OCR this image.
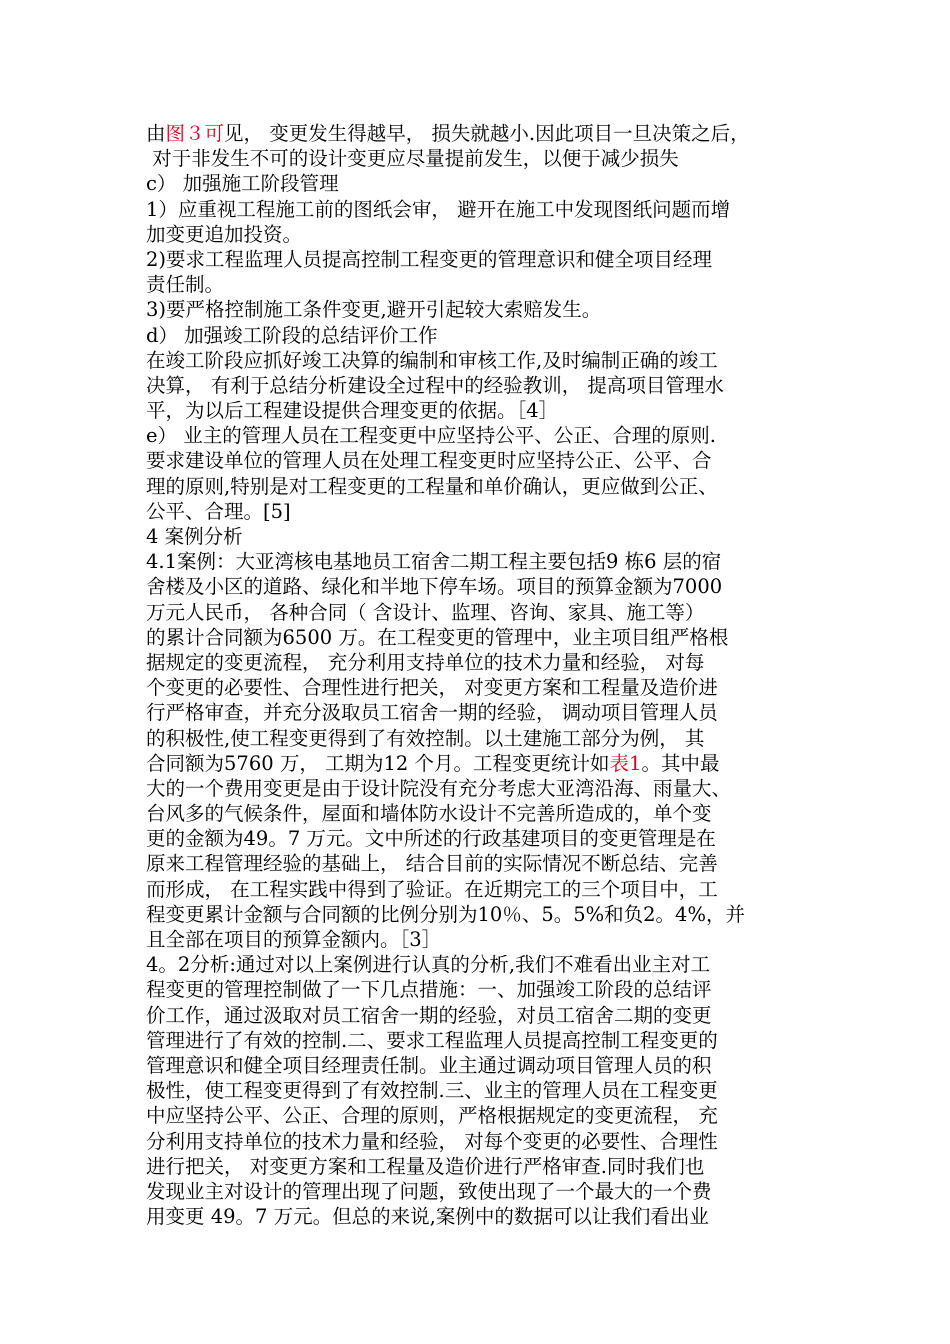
由图３可见， 变更发生得越早， 损失就越小.因此项目一旦决策之后，
对于非发生不可的设计变更应尽量提前发生，以便于减少损失
c） 加强施工阶段管理
1）应重视工程施工前的图纸会审， 避开在施工中发现图纸问题而增
加变更追加投资。
2)要求工程监理人员提高控制工程变更的管理意识和健全项目经理
责任制。
3)要严格控制施工条件变更,避开引起较大索赔发生。
d） 加强竣工阶段的总结评价工作
在竣工阶段应抓好竣工决算的编制和审核工作,及时编制正确的竣工
决算， 有利于总结分析建设全过程中的经验教训， 提高项目管理水
平，为以后工程建设提供合理变更的依据。［4］
e） 业主的管理人员在工程变更中应坚持公平、公正、合理的原则.
要求建设单位的管理人员在处理工程变更时应坚持公正、公平、合
理的原则,特别是对工程变更的工程量和单价确认，更应做到公正、
公平、合理。[5]
4 案例分析
4.1案例：大亚湾核电基地员工宿舍二期工程主要包括9 栋6 层的宿
舍楼及小区的道路、绿化和半地下停车场。项目的预算金额为7000
万元人民币， 各种合同（ 含设计、监理、咨询、家具、施工等）
的累计合同额为6500 万。在工程变更的管理中，业主项目组严格根
据规定的变更流程， 充分利用支持单位的技术力量和经验， 对每
个变更的必要性、合理性进行把关， 对变更方案和工程量及造价进
行严格审查，并充分汲取员工宿舍一期的经验， 调动项目管理人员
的积极性,使工程变更得到了有效控制。以土建施工部分为例， 其
合同额为5760 万， 工期为12 个月。工程变更统计如表1。其中最
大的一个费用变更是由于设计院没有充分考虑大亚湾沿海、雨量大、
台风多的气候条件，屋面和墙体防水设计不完善所造成的，单个变
更的金额为49。7 万元。文中所述的行政基建项目的变更管理是在
原来工程管理经验的基础上， 结合目前的实际情况不断总结、完善
而形成， 在工程实践中得到了验证。在近期完工的三个项目中，工
程变更累计金额与合同额的比例分别为10％、5。5%和负2。4%，并
且全部在项目的预算金额内。［3］
4。2分析:通过对以上案例进行认真的分析,我们不难看出业主对工
程变更的管理控制做了一下几点措施：一、加强竣工阶段的总结评
价工作，通过汲取对员工宿舍一期的经验，对员工宿舍二期的变更
管理进行了有效的控制.二、要求工程监理人员提高控制工程变更的
管理意识和健全项目经理责任制。业主通过调动项目管理人员的积
极性，使工程变更得到了有效控制.三、业主的管理人员在工程变更
中应坚持公平、公正、合理的原则，严格根据规定的变更流程， 充
分利用支持单位的技术力量和经验， 对每个变更的必要性、合理性
进行把关， 对变更方案和工程量及造价进行严格审查.同时我们也
发现业主对设计的管理出现了问题，致使出现了一个最大的一个费
用变更 49。7 万元。但总的来说,案例中的数据可以让我们看出业
